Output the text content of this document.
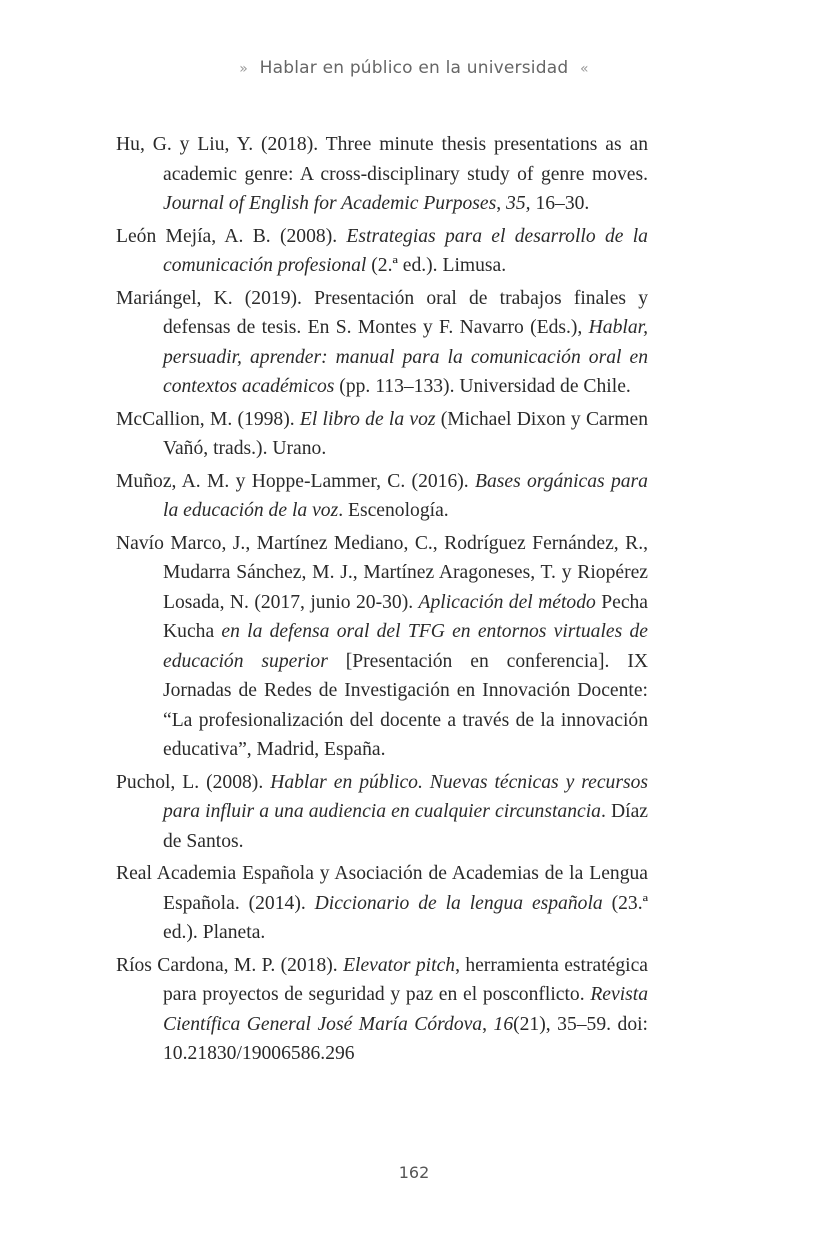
» Hablar en público en la universidad «

Hu, G. y Liu, Y. (2018). Three minute thesis presentations as an academic genre: A cross-disciplinary study of genre moves. Journal of English for Academic Purposes, 35, 16–30.

León Mejía, A. B. (2008). Estrategias para el desarrollo de la comunicación profesional (2.ª ed.). Limusa.

Mariángel, K. (2019). Presentación oral de trabajos finales y defensas de tesis. En S. Montes y F. Navarro (Eds.), Hablar, persuadir, aprender: manual para la comunicación oral en contextos académicos (pp. 113–133). Universidad de Chile.

McCallion, M. (1998). El libro de la voz (Michael Dixon y Carmen Vañó, trads.). Urano.

Muñoz, A. M. y Hoppe-Lammer, C. (2016). Bases orgánicas para la educación de la voz. Escenología.

Navío Marco, J., Martínez Mediano, C., Rodríguez Fernández, R., Mudarra Sánchez, M. J., Martínez Aragoneses, T. y Riopérez Losada, N. (2017, junio 20-30). Aplicación del método Pecha Kucha en la defensa oral del TFG en entornos virtuales de educación superior [Presentación en conferencia]. IX Jornadas de Redes de Investigación en Innovación Docente: “La profesionalización del docente a través de la innovación educativa”, Madrid, España.

Puchol, L. (2008). Hablar en público. Nuevas técnicas y recursos para influir a una audiencia en cualquier circunstancia. Díaz de Santos.

Real Academia Española y Asociación de Academias de la Lengua Española. (2014). Diccionario de la lengua española (23.ª ed.). Planeta.

Ríos Cardona, M. P. (2018). Elevator pitch, herramienta estratégica para proyectos de seguridad y paz en el posconflicto. Revista Científica General José María Córdova, 16(21), 35–59. doi: 10.21830/19006586.296

162
